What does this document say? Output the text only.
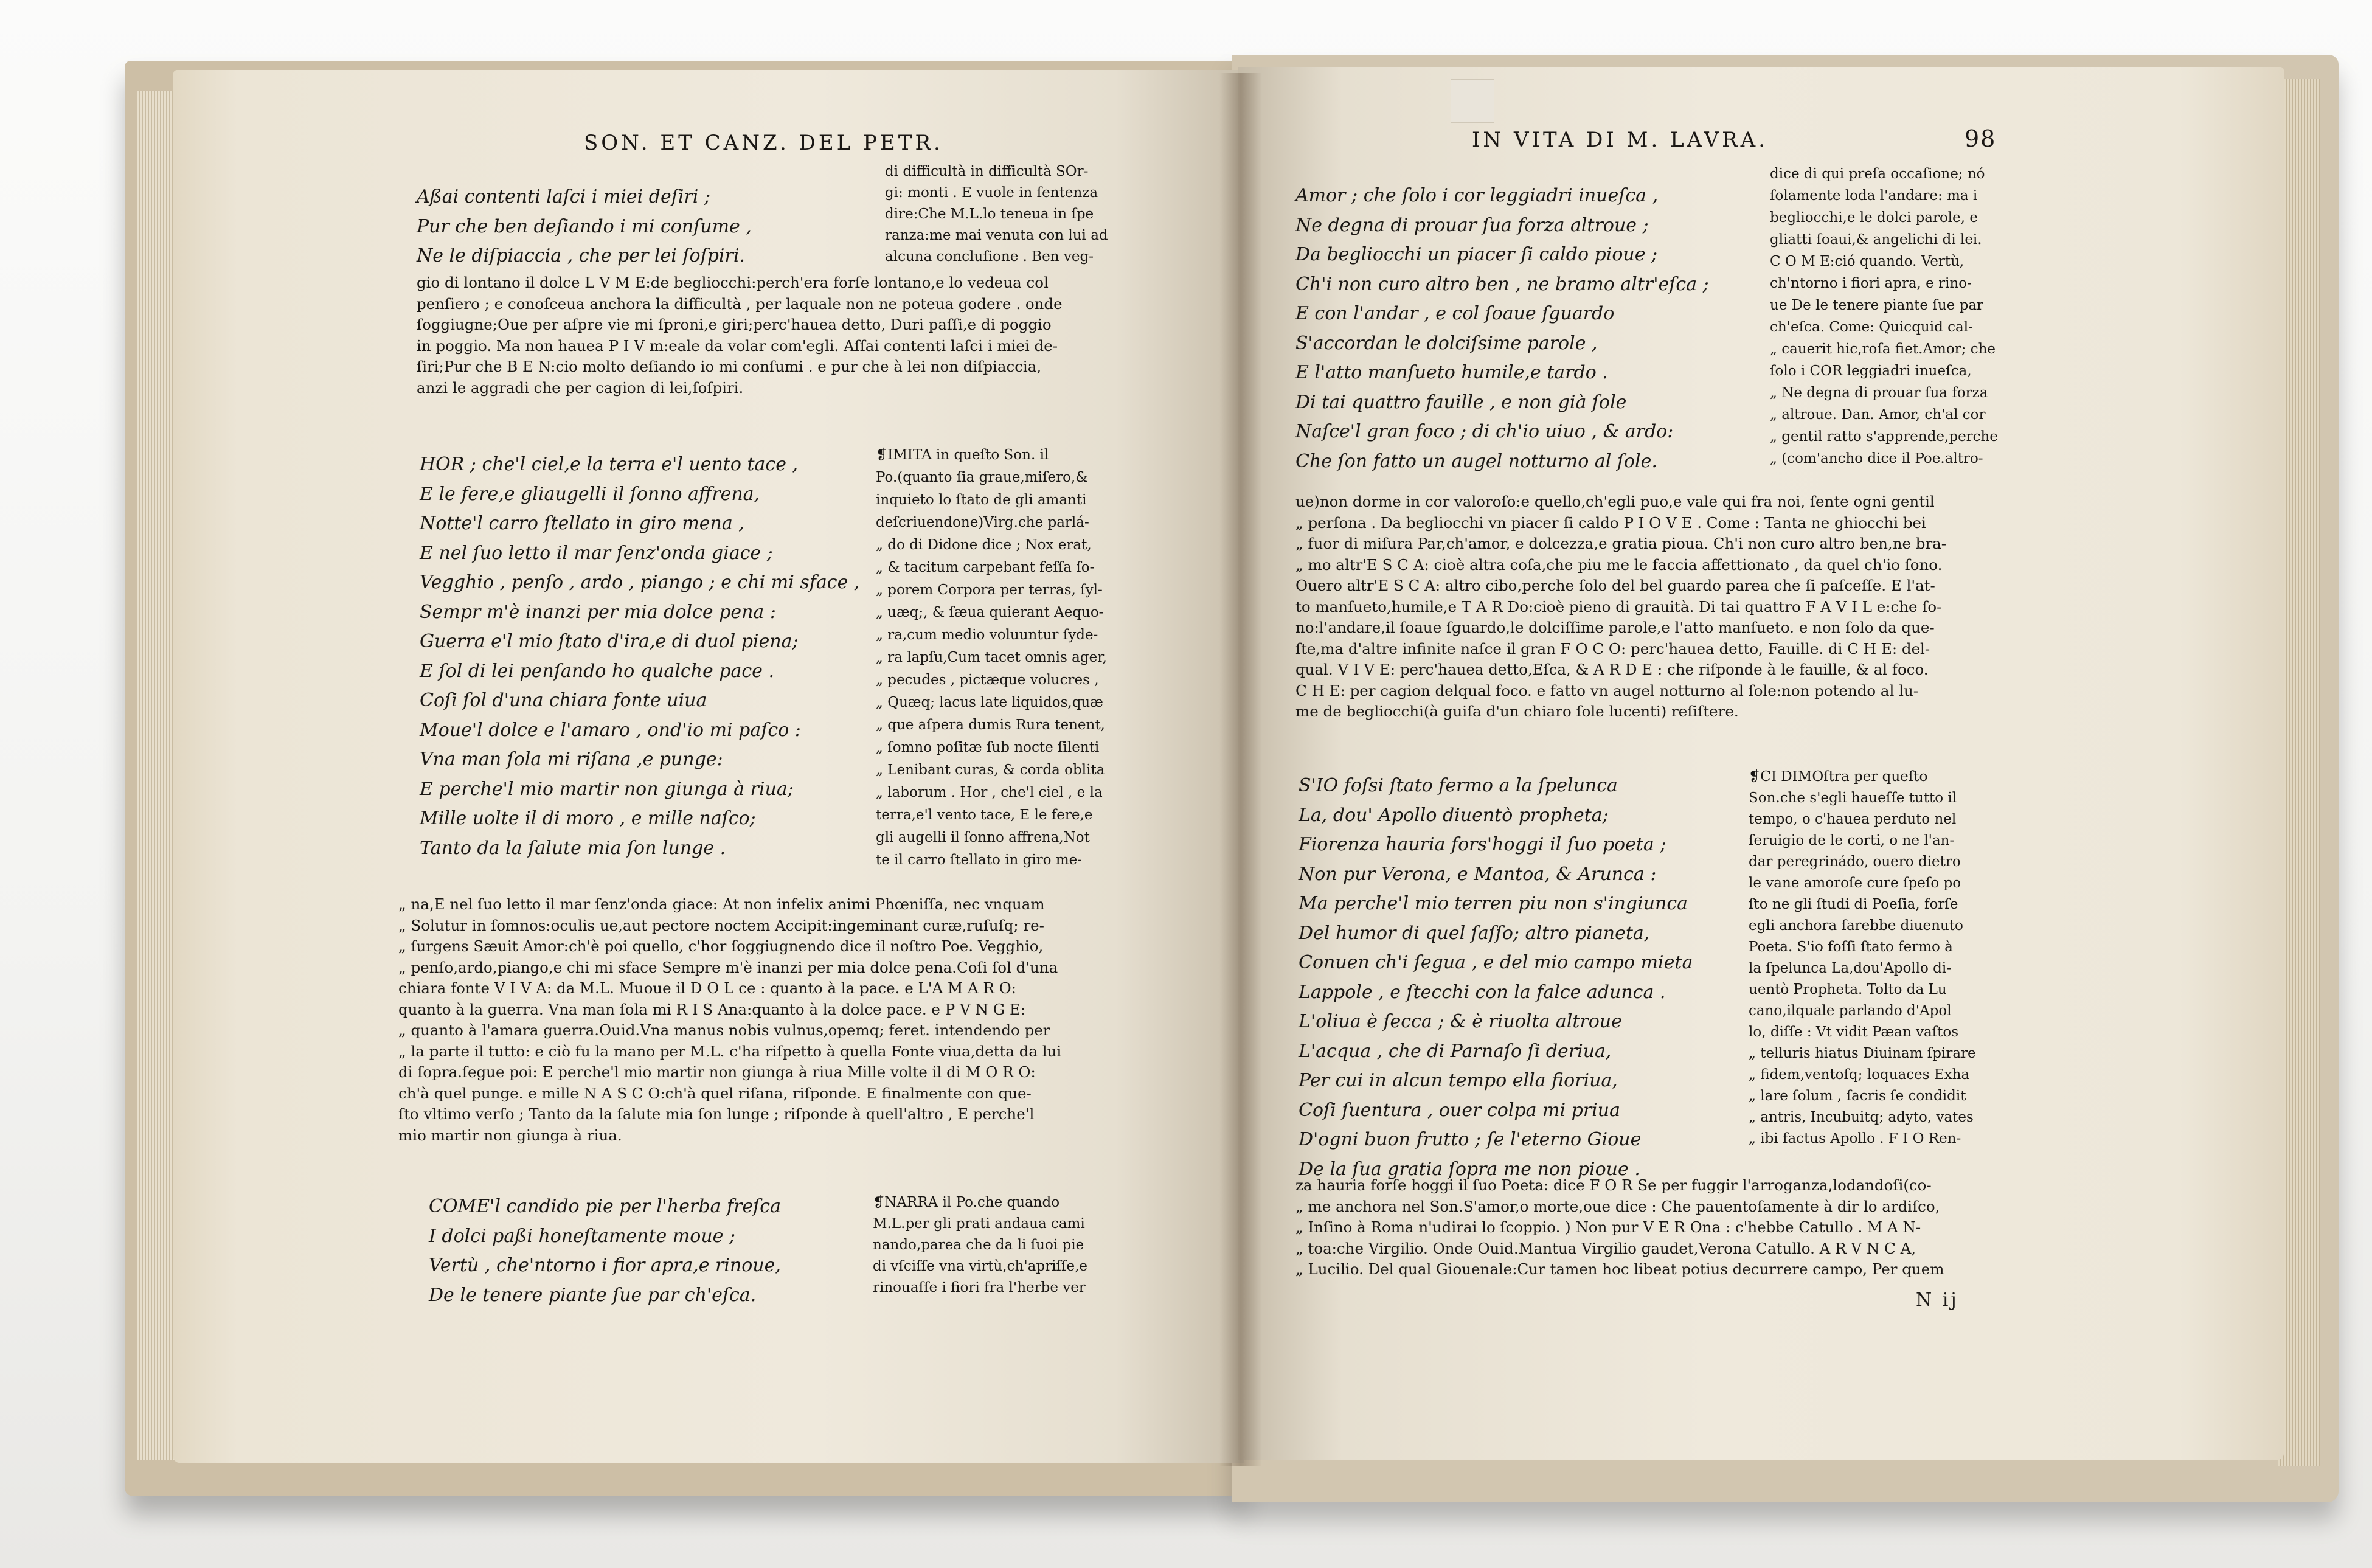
SON. ET CANZ. DEL PETR.	IN VITA DI M. LAVRA.	98
N ij
Aßai contenti laſci i miei deſiri ;
Pur che ben deſiando i mi conſume ,
Ne le diſpiaccia , che per lei ſoſpiri.
di difficultà in difficultà SOr-
gi: monti . E vuole in ſentenza
dire:Che M.L.lo teneua in ſpe
ranza:me mai venuta con lui ad
alcuna concluſione . Ben veg-
gio di lontano il dolce L V M E:de begliocchi:perch'era forſe lontano,e lo vedeua col
penſiero ; e conoſceua anchora la difficultà , per laquale non ne poteua godere . onde
ſoggiugne;Oue per aſpre vie mi ſproni,e giri;perc'hauea detto, Duri paſſi,e di poggio
in poggio. Ma non hauea P I V m:eale da volar com'egli. Aſſai contenti laſci i miei de-
ſiri;Pur che B E N:cio molto deſiando io mi conſumi . e pur che à lei non diſpiaccia,
anzi le aggradi che per cagion di lei,ſoſpiri.
HOR ; che'l ciel,e la terra e'l uento tace ,
E le fere,e gliaugelli il ſonno affrena,
Notte'l carro ſtellato in giro mena ,
E nel ſuo letto il mar ſenz'onda giace ;
Vegghio , penſo , ardo , piango ; e chi mi sface ,
Sempr m'è inanzi per mia dolce pena :
Guerra e'l mio ſtato d'ira,e di duol piena;
E ſol di lei penſando ho qualche pace .
Coſi ſol d'una chiara fonte uiua
Moue'l dolce e l'amaro , ond'io mi paſco :
Vna man ſola mi riſana ,e punge:
E perche'l mio martir non giunga à riua;
Mille uolte il di moro , e mille naſco;
Tanto da la ſalute mia ſon lunge .
❡IMITA in queſto Son. il
Po.(quanto ſia graue,miſero,&
inquieto lo ſtato de gli amanti
deſcriuendone)Virg.che parlá-
„ do di Didone dice ; Nox erat,
„ & tacitum carpebant feſſa ſo-
„ porem Corpora per terras, ſyl-
„ uæq;, & ſæua quierant Aequo-
„ ra,cum medio voluuntur ſyde-
„ ra lapſu,Cum tacet omnis ager,
„ pecudes , pictæque volucres ,
„ Quæq; lacus late liquidos,quæ
„ que aſpera dumis Rura tenent,
„ ſomno poſitæ ſub nocte ſilenti
„ Lenibant curas, & corda oblita
„ laborum . Hor , che'l ciel , e la
terra,e'l vento tace, E le fere,e
gli augelli il ſonno affrena,Not
te il carro ſtellato in giro me-
„ na,E nel ſuo letto il mar ſenz'onda giace: At non infelix animi Phœniſſa, nec vnquam
„ Solutur in ſomnos:oculis ue,aut pectore noctem Accipit:ingeminant curæ,ruſuſq; re-
„ ſurgens Sæuit Amor:ch'è poi quello, c'hor ſoggiugnendo dice il noſtro Poe. Vegghio,
„ penſo,ardo,piango,e chi mi sface Sempre m'è inanzi per mia dolce pena.Coſi ſol d'una
chiara fonte V I V A: da M.L. Muoue il D O L ce : quanto à la pace. e L'A M A R O:
quanto à la guerra. Vna man ſola mi R I S Ana:quanto à la dolce pace. e P V N G E:
„ quanto à l'amara guerra.Ouid.Vna manus nobis vulnus,opemq; feret. intendendo per
„ la parte il tutto: e ciò fu la mano per M.L. c'ha riſpetto à quella Fonte viua,detta da lui
di ſopra.ſegue poi: E perche'l mio martir non giunga à riua Mille volte il di M O R O:
ch'à quel punge. e mille N A S C O:ch'à quel riſana, riſponde. E finalmente con que-
ſto vltimo verſo ; Tanto da la ſalute mia ſon lunge ; riſponde à quell'altro , E perche'l
mio martir non giunga à riua.
COME'l candido pie per l'herba freſca
I dolci paßi honeſtamente moue ;
Vertù , che'ntorno i fior apra,e rinoue,
De le tenere piante ſue par ch'eſca.
❡NARRA il Po.che quando
M.L.per gli prati andaua cami
nando,parea che da li ſuoi pie
di vſciſſe vna virtù,ch'apriſſe,e
rinouaſſe i fiori fra l'herbe ver
Amor ; che ſolo i cor leggiadri inueſca ,
Ne degna di prouar ſua forza altroue ;
Da begliocchi un piacer ſi caldo pioue ;
Ch'i non curo altro ben , ne bramo altr'eſca ;
E con l'andar , e col ſoaue ſguardo
S'accordan le dolciſsime parole ,
E l'atto manſueto humile,e tardo .
Di tai quattro fauille , e non già ſole
Naſce'l gran foco ; di ch'io uiuo , & ardo:
Che ſon fatto un augel notturno al ſole.
dice di qui preſa occaſione; nó
ſolamente loda l'andare: ma i
begliocchi,e le dolci parole, e
gliatti ſoaui,& angelichi di lei.
C O M E:ció quando. Vertù,
ch'ntorno i fiori apra, e rino-
ue De le tenere piante ſue par
ch'eſca. Come: Quicquid cal-
„ cauerit hic,roſa fiet.Amor; che
ſolo i COR leggiadri inueſca,
„ Ne degna di prouar ſua forza
„ altroue. Dan. Amor, ch'al cor
„ gentil ratto s'apprende,perche
„ (com'ancho dice il Poe.altro-
ue)non dorme in cor valoroſo:e quello,ch'egli puo,e vale qui fra noi, ſente ogni gentil
„ perſona . Da begliocchi vn piacer ſi caldo P I O V E . Come : Tanta ne ghiocchi bei
„ fuor di miſura Par,ch'amor, e dolcezza,e gratia pioua. Ch'i non curo altro ben,ne bra-
„ mo altr'E S C A: cioè altra coſa,che piu me le faccia affettionato , da quel ch'io ſono.
Ouero altr'E S C A: altro cibo,perche ſolo del bel guardo parea che ſi paſceſſe. E l'at-
to manſueto,humile,e T A R Do:cioè pieno di grauità. Di tai quattro F A V I L e:che ſo-
no:l'andare,il ſoaue ſguardo,le dolciſſime parole,e l'atto manſueto. e non ſolo da que-
ſte,ma d'altre infinite naſce il gran F O C O: perc'hauea detto, Fauille. di C H E: del-
qual. V I V E: perc'hauea detto,Eſca, & A R D E : che riſponde à le fauille, & al foco.
C H E: per cagion delqual foco. e fatto vn augel notturno al ſole:non potendo al lu-
me de begliocchi(à guiſa d'un chiaro ſole lucenti) reſiſtere.
S'IO foſsi ſtato fermo a la ſpelunca
La, dou' Apollo diuentò propheta;
Fiorenza hauria fors'hoggi il ſuo poeta ;
Non pur Verona, e Mantoa, & Arunca :
Ma perche'l mio terren piu non s'ingiunca
Del humor di quel ſaſſo; altro pianeta,
Conuen ch'i ſegua , e del mio campo mieta
Lappole , e ſtecchi con la falce adunca .
L'oliua è ſecca ; & è riuolta altroue
L'acqua , che di Parnaſo ſi deriua,
Per cui in alcun tempo ella fioriua,
Coſi ſuentura , ouer colpa mi priua
D'ogni buon frutto ; ſe l'eterno Gioue
De la ſua gratia ſopra me non pioue .
❡CI DIMOſtra per queſto
Son.che s'egli haueſſe tutto il
tempo, o c'hauea perduto nel
ſeruigio de le corti, o ne l'an-
dar peregrinádo, ouero dietro
le vane amoroſe cure ſpeſo po
ſto ne gli ſtudi di Poeſia, forſe
egli anchora ſarebbe diuenuto
Poeta. S'io foſſi ſtato fermo à
la ſpelunca La,dou'Apollo di-
uentò Propheta. Tolto da Lu
cano,ilquale parlando d'Apol
lo, diſſe : Vt vidit Pæan vaſtos
„ telluris hiatus Diuinam ſpirare
„ fidem,ventoſq; loquaces Exha
„ lare ſolum , ſacris ſe condidit
„ antris, Incubuitq; adyto, vates
„ ibi factus Apollo . F I O Ren-
za hauria forſe hoggi il ſuo Poeta: dice F O R Se per fuggir l'arroganza,lodandoſi(co-
„ me anchora nel Son.S'amor,o morte,oue dice : Che pauentoſamente à dir lo ardiſco,
„ Inſino à Roma n'udirai lo ſcoppio. ) Non pur V E R Ona : c'hebbe Catullo . M A N-
„ toa:che Virgilio. Onde Ouid.Mantua Virgilio gaudet,Verona Catullo. A R V N C A,
„ Lucilio. Del qual Giouenale:Cur tamen hoc libeat potius decurrere campo, Per quem
